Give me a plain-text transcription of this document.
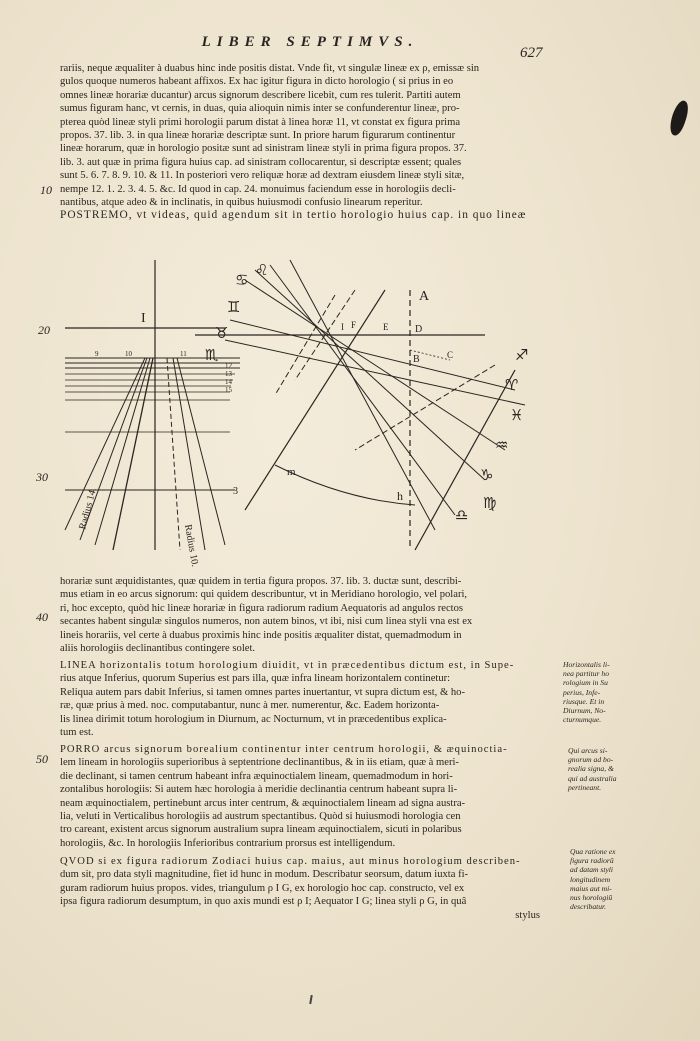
LIBER SEPTIMVS.
627
rariis, neque æqualiter à duabus hinc inde positis distat. Vnde fit, vt singulæ lineæ ex ρ, emissæ sin
gulos quoque numeros habeant affixos. Ex hac igitur figura in dicto horologio ( si prius in eo
omnes lineæ horariæ ducantur) arcus signorum describere licebit, cum res tulerit. Partiti autem
sumus figuram hanc, vt cernis, in duas, quia alioquin nimis inter se confunderentur lineæ, pro-
pterea quòd lineæ styli primi horologii parum distat à linea horæ 11, vt constat ex figura prima
propos. 37. lib. 3. in qua lineæ horariæ descriptæ sunt. In priore harum figurarum continentur
lineæ horarum, quæ in horologio positæ sunt ad sinistram lineæ styli in prima figura propos. 37.
lib. 3. aut quæ in prima figura huius cap. ad sinistram collocarentur, si descriptæ essent; quales
sunt 5. 6. 7. 8. 9. 10. & 11. In posteriori vero reliquæ horæ ad dextram eiusdem lineæ styli sitæ,
nempe 12. 1. 2. 3. 4. 5. &c. Id quod in cap. 24. monuimus faciendum esse in horologiis decli-
nantibus, atque adeo & in inclinatis, in quibus huiusmodi confusio linearum reperitur.
POSTREMO, vt videas, quid agendum sit in tertio horologio huius cap. in quo lineæ
10
20
30
40
50
I
Radius 14.
Radius 10.
9	10	11
12
13
14
15
3
A
B	C
D
E
F
I
h
m
♋
♊
♉
♈
♓
♒
♑
♌
♍
♎
♏	♐
horariæ sunt æquidistantes, quæ quidem in tertia figura propos. 37. lib. 3. ductæ sunt, describi-
mus etiam in eo arcus signorum: qui quidem describuntur, vt in Meridiano horologio, vel polari,
ri, hoc excepto, quòd hic lineæ horariæ in figura radiorum radium Aequatoris ad angulos rectos
secantes habent singulæ singulos numeros, non autem binos, vt ibi, nisi cum linea styli vna est ex
lineis horariis, vel certe à duabus proximis hinc inde positis æqualiter distat, quemadmodum in
aliis horologiis declinantibus contingere solet.
LINEA horizontalis totum horologium diuidit, vt in præcedentibus dictum est, in Supe-
rius atque Inferius, quorum Superius est pars illa, quæ infra lineam horizontalem continetur:
Reliqua autem pars dabit Inferius, si tamen omnes partes inuertantur, vt supra dictum est, & ho-
ræ, quæ prius à med. noc. computabantur, nunc à mer. numerentur, &c. Eadem horizonta-
lis linea dirimit totum horologium in Diurnum, ac Nocturnum, vt in præcedentibus explica-
tum est.
PORRO arcus signorum borealium continentur inter centrum horologii, & æquinoctia-
lem lineam in horologiis superioribus à septentrione declinantibus, & in iis etiam, quæ à meri-
die declinant, si tamen centrum habeant infra æquinoctialem lineam, quemadmodum in hori-
zontalibus horologiis: Si autem hæc horologia à meridie declinantia centrum habeant supra li-
neam æquinoctialem, pertinebunt arcus inter centrum, & æquinoctialem lineam ad signa austra-
lia, veluti in Verticalibus horologiis ad austrum spectantibus. Quòd si huiusmodi horologia cen
tro careant, existent arcus signorum australium supra lineam æquinoctialem, sicuti in polaribus
horologiis, &c. In horologiis Inferioribus contrarium prorsus est intelligendum.
QVOD si ex figura radiorum Zodiaci huius cap. maius, aut minus horologium describen-
dum sit, pro data styli magnitudine, fiet id hunc in modum. Describatur seorsum, datum iuxta fi-
guram radiorum huius propos. vides, triangulum ρ I G, ex horologio hoc cap. constructo, vel ex
ipsa figura radiorum desumptum, in quo axis mundi est ρ I; Aequator I G; linea styli ρ G, in quâ
stylus
Horizontalis li-
nea partitur ho
rologium in Su
perius, Infe-
riusque. Et in
Diurnum, No-
cturnumque.
Qui arcus si-
gnorum ad bo-
realia signa, &
qui ad australia
pertineant.
Qua ratione ex
figura radiorũ
ad datam styli
longitudinem
maius aut mi-
nus horologiũ
describatur.
